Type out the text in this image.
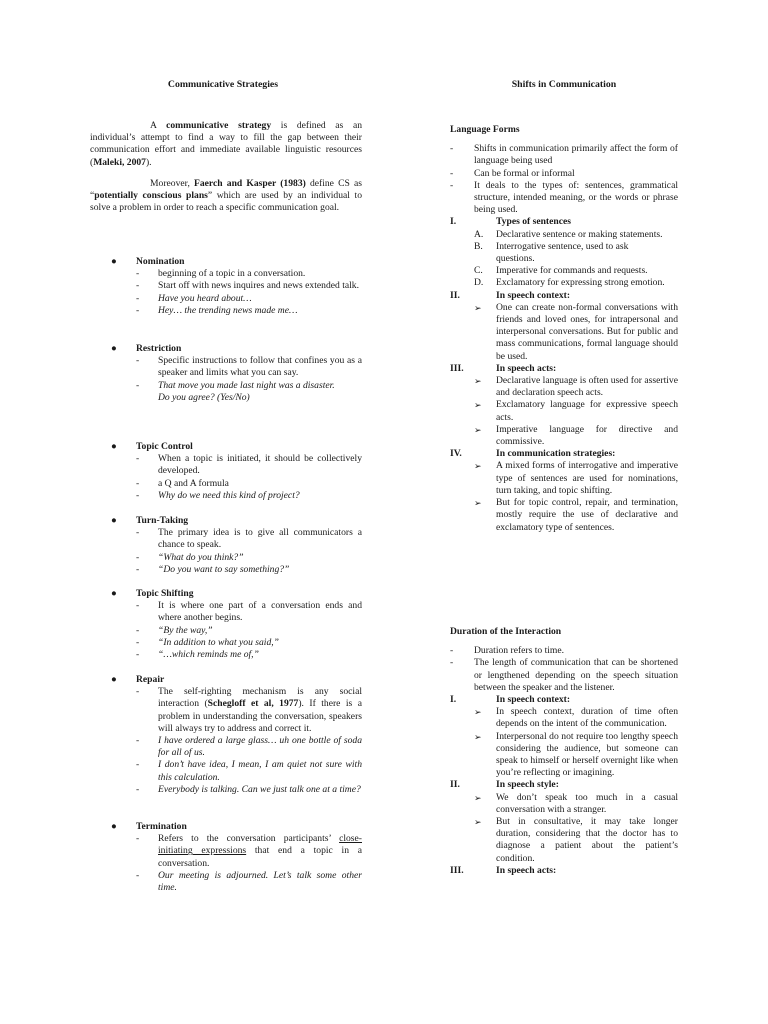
Communicative Strategies

A communicative strategy is defined as an individual’s attempt to find a way to fill the gap between their communication effort and immediate available linguistic resources (Maleki, 2007).

Moreover, Faerch and Kasper (1983) define CS as “potentially conscious plans” which are used by an individual to solve a problem in order to reach a specific communication goal.

● Nomination
- beginning of a topic in a conversation.
- Start off with news inquires and news extended talk.
- Have you heard about…
- Hey… the trending news made me…
● Restriction
- Specific instructions to follow that confines you as a speaker and limits what you can say.
- That move you made last night was a disaster.
Do you agree? (Yes/No)
● Topic Control
- When a topic is initiated, it should be collectively developed.
- a Q and A formula
- Why do we need this kind of project?
● Turn-Taking
- The primary idea is to give all communicators a chance to speak.
- “What do you think?”
- “Do you want to say something?”
● Topic Shifting
- It is where one part of a conversation ends and where another begins.
- “By the way,”
- “In addition to what you said,”
- “…which reminds me of,”
● Repair
- The self-righting mechanism is any social interaction (Schegloff et al, 1977). If there is a problem in understanding the conversation, speakers will always try to address and correct it.
- I have ordered a large glass… uh one bottle of soda for all of us.
- I don’t have idea, I mean, I am quiet not sure with this calculation.
- Everybody is talking. Can we just talk one at a time?
● Termination
- Refers to the conversation participants’ close-initiating expressions that end a topic in a conversation.
- Our meeting is adjourned. Let’s talk some other time.
Shifts in Communication
Language Forms
- Shifts in communication primarily affect the form of language being used
- Can be formal or informal
- It deals to the types of: sentences, grammatical structure, intended meaning, or the words or phrase being used.
I.	Types of sentences
A. Declarative sentence or making statements.
B. Interrogative sentence, used to ask questions.
C. Imperative for commands and requests.
D. Exclamatory for expressing strong emotion.
II.	In speech context:
➢ One can create non-formal conversations with friends and loved ones, for intrapersonal and interpersonal conversations. But for public and mass communications, formal language should be used.
III.	In speech acts:
➢ Declarative language is often used for assertive and declaration speech acts.
➢ Exclamatory language for expressive speech acts.
➢ Imperative language for directive and commissive.
IV.	In communication strategies:
➢ A mixed forms of interrogative and imperative type of sentences are used for nominations, turn taking, and topic shifting.
➢ But for topic control, repair, and termination, mostly require the use of declarative and exclamatory type of sentences.
Duration of the Interaction
- Duration refers to time.
- The length of communication that can be shortened or lengthened depending on the speech situation between the speaker and the listener.
I.	In speech context:
➢ In speech context, duration of time often depends on the intent of the communication.
➢ Interpersonal do not require too lengthy speech considering the audience, but someone can speak to himself or herself overnight like when you’re reflecting or imagining.
II.	In speech style:
➢ We don’t speak too much in a casual conversation with a stranger.
➢ But in consultative, it may take longer duration, considering that the doctor has to diagnose a patient about the patient’s condition.
III.	In speech acts:
